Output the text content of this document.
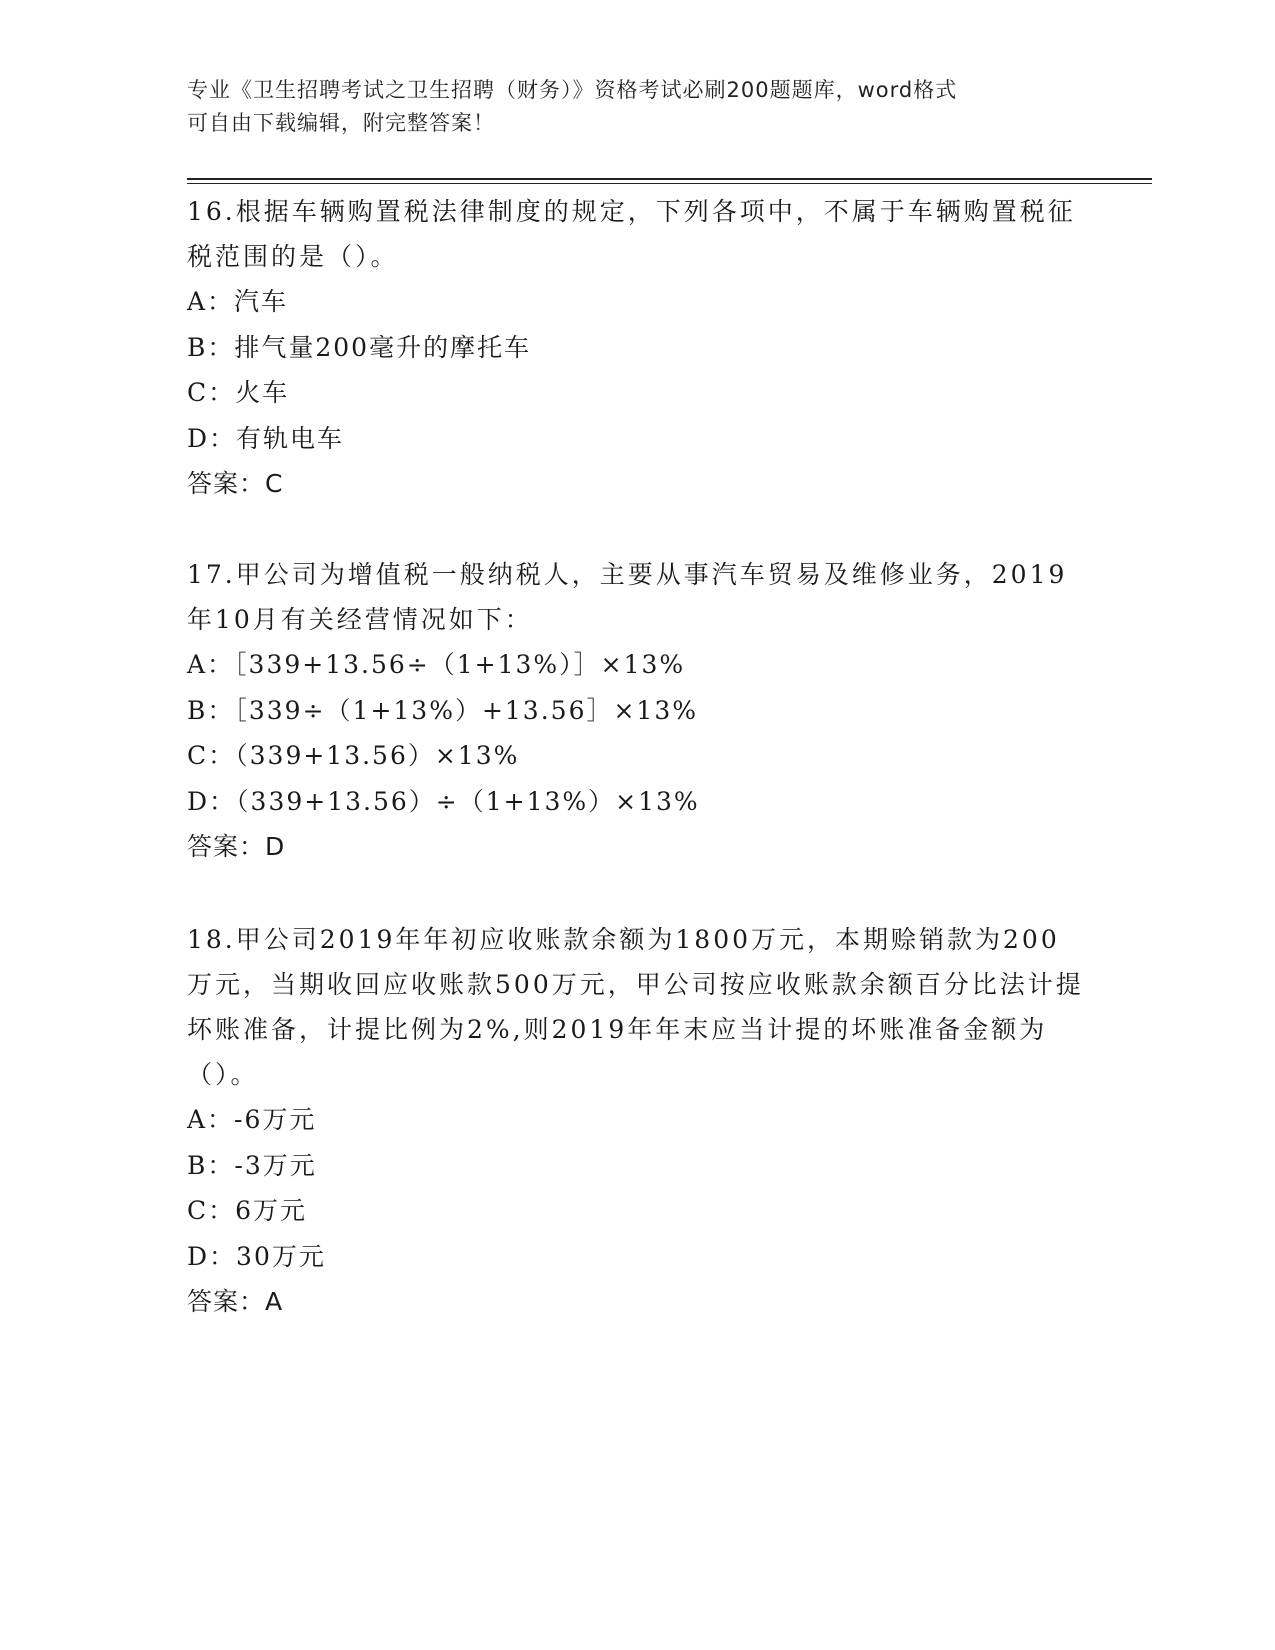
专业《卫生招聘考试之卫生招聘（财务）》资格考试必刷200题题库，word格式
可自由下载编辑，附完整答案！

16.根据车辆购置税法律制度的规定，下列各项中，不属于车辆购置税征税范围的是（）。

A：汽车

B：排气量200毫升的摩托车

C：火车

D：有轨电车

答案：C

17.甲公司为增值税一般纳税人，主要从事汽车贸易及维修业务，2019年10月有关经营情况如下：

A：［339+13.56÷（1+13%）］×13%

B：［339÷（1+13%）+13.56］×13%

C：（339+13.56）×13%

D：（339+13.56）÷（1+13%）×13%

答案：D

18.甲公司2019年年初应收账款余额为1800万元，本期赊销款为200万元，当期收回应收账款500万元，甲公司按应收账款余额百分比法计提坏账准备，计提比例为2%,则2019年年末应当计提的坏账准备金额为（）。

A：-6万元

B：-3万元

C：6万元

D：30万元

答案：A
